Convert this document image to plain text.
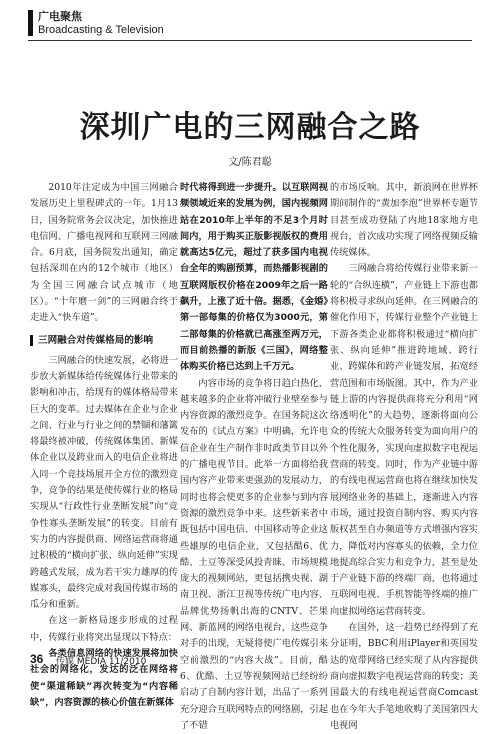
广电聚焦
Broadcasting & Television
深圳广电的三网融合之路
文/陈君聪

2010年注定成为中国三网融合发展历史上里程碑式的一年。1月13日，国务院常务会议决定，加快推进电信网、广播电视网和互联网三网融合。6月底，国务院发出通知，确定包括深圳在内的12个城市（地区）为全国三网融合试点城市（地区）。“十年磨一剑”的三网融合终于走进入“快车道”。

三网融合对传媒格局的影响

三网融合的快速发展，必将进一步放大新媒体给传统媒体行业带来的影响和冲击，给现有的媒体格局带来巨大的变革。过去媒体在企业与企业之间、行业与行业之间的禁锢和藩篱将最终被冲破，传统媒体集团、新媒体企业以及跨业而入的电信企业将进入同一个竞技场展开全方位的激烈竞争，竞争的结果是使传媒行业的格局实现从“行政性行业垄断发展”向“竞争性寡头垄断发展”的转变。目前有实力的内容提供商、网络运营商将通过积极的“横向扩张、纵向延伸”实现跨越式发展，成为若干实力雄厚的传媒寡头，最终完成对我国传媒市场的瓜分和重新。

在这一新格局逐步形成的过程中，传媒行业将突出显现以下特点：

各类信息网络的快速发展将加快社会的网络化，发达的泛在网络将使“渠道稀缺”再次转变为“内容稀缺”，内容资源的核心价值在新媒体

时代将得到进一步提升。以互联网视频领域近来的发展为例，国内视频网站在2010年上半年的不足3个月时间内，用于购买正版影视版权的费用就高达5亿元，超过了获多国内电视台全年的购剧预算，而热播影视剧的互联网版权价格在2009年之后一路飙升，上涨了近十倍。据悉，《金婚》第一部每集的价格仅为3000元，第二部每集的价格就已高涨至两万元，而目前热播的新版《三国》，网络整体购买价格已达到上千万元。

内容市场的竞争将日趋白热化，越来越多的企业将冲破行业壁垒参与内容资源的激烈竞争。在国务院这次发布的《试点方案》中明确，允许电信企业在生产制作非时政类节目以外的广播电视节目。此举一方面将给我国内容产业带来更强劲的发展动力，同时也将会使更多的企业参与到内容资源的激烈竞争中来。这些新来者中既包括中国电信、中国移动等企业这些雄厚的电信企业，又包括酷6、优酷、土豆等深受风投青睐、市场规模庞大的视频网站，更包括携央视、湖南卫视、浙江卫视等传统广电内容、品牌优势扬帆出海的CNTV、芒果网、新蓝网的网络电视台，这些竞争对手的出现，无疑将使广电传媒引来空前激烈的“内容大战”。目前，酷6、优酷、土豆等视频网站已经纷纷启动了自制内容计划，出品了一系列充分迎合互联网特点的网络剧，引起了不错

的市场反响。其中，新浪网在世界杯期间制作的“黄加李泡”世界杯专题节目甚至成功登陆了内地18家地方电视台，首次成功实现了网络视频反输传统媒体。

三网融合将给传媒行业带来新一轮的“合纵连横”，产业链上下游也都将积极寻求纵向延伸。在三网融合的催化作用下，传媒行业整个产业链上下游各类企业都将积极通过“横向扩张、纵向延伸”推进跨地域、跨行业、跨媒体和跨产业链发展，拓宽经营范围和市场版图。其中，作为产业链上游的内容提供商将充分利用“网络透明化”的大趋势，逐渐将面向公众的传统大众服务转变为面向用户的个性化服务，实现向虚拟数字电视运营商的转变。同时，作为产业链中游的有线电视运营商也将在继续加快发展网络业务的基础上，逐渐进入内容市场，通过投资自制内容、购买内容版权甚至自办频道等方式增强内容实力，降低对内容寡头的依赖，全力位地提高综合实力和竞争力，甚至是处于产业链下游的终端厂商，也将通过互联网电视、手机智能等终端的推广向虚拟网络运营商转变。

在国外，这一趋势已经得到了充分证明，BBC利用iPlayer和英国发达的宽带网络已经实现了从内容提供商向虚拟数字电视运营商的转变；美国最大的有线电视运营商Comcast也在今年大手笔地收购了美国第四大电视网

36 传媒 MEDIA 11/2010
